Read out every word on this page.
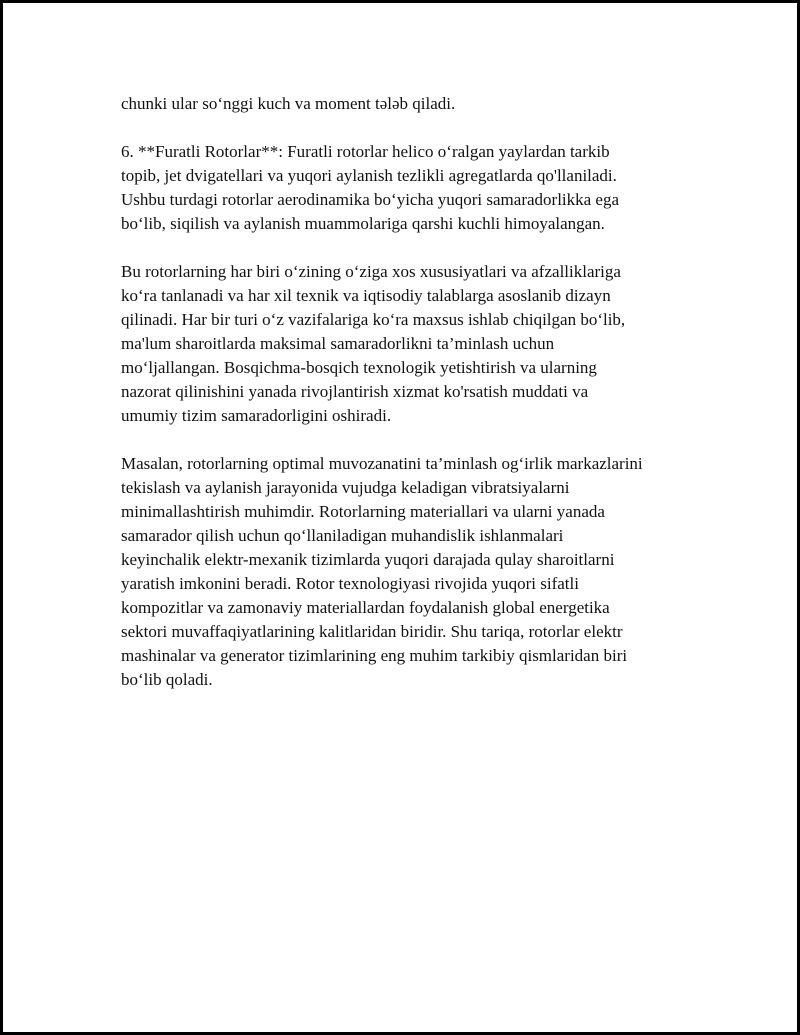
chunki ular so‘nggi kuch va moment tələb qiladi.

6. **Furatli Rotorlar**: Furatli rotorlar helico o‘ralgan yaylardan tarkib
topib, jet dvigatellari va yuqori aylanish tezlikli agregatlarda qo'llaniladi.
Ushbu turdagi rotorlar aerodinamika bo‘yicha yuqori samaradorlikka ega
bo‘lib, siqilish va aylanish muammolariga qarshi kuchli himoyalangan.

Bu rotorlarning har biri o‘zining o‘ziga xos xususiyatlari va afzalliklariga
ko‘ra tanlanadi va har xil texnik va iqtisodiy talablarga asoslanib dizayn
qilinadi. Har bir turi o‘z vazifalariga ko‘ra maxsus ishlab chiqilgan bo‘lib,
ma'lum sharoitlarda maksimal samaradorlikni ta’minlash uchun
mo‘ljallangan. Bosqichma-bosqich texnologik yetishtirish va ularning
nazorat qilinishini yanada rivojlantirish xizmat ko'rsatish muddati va
umumiy tizim samaradorligini oshiradi.

Masalan, rotorlarning optimal muvozanatini ta’minlash og‘irlik markazlarini
tekislash va aylanish jarayonida vujudga keladigan vibratsiyalarni
minimallashtirish muhimdir. Rotorlarning materiallari va ularni yanada
samarador qilish uchun qo‘llaniladigan muhandislik ishlanmalari
keyinchalik elektr-mexanik tizimlarda yuqori darajada qulay sharoitlarni
yaratish imkonini beradi. Rotor texnologiyasi rivojida yuqori sifatli
kompozitlar va zamonaviy materiallardan foydalanish global energetika
sektori muvaffaqiyatlarining kalitlaridan biridir. Shu tariqa, rotorlar elektr
mashinalar va generator tizimlarining eng muhim tarkibiy qismlaridan biri
bo‘lib qoladi.
